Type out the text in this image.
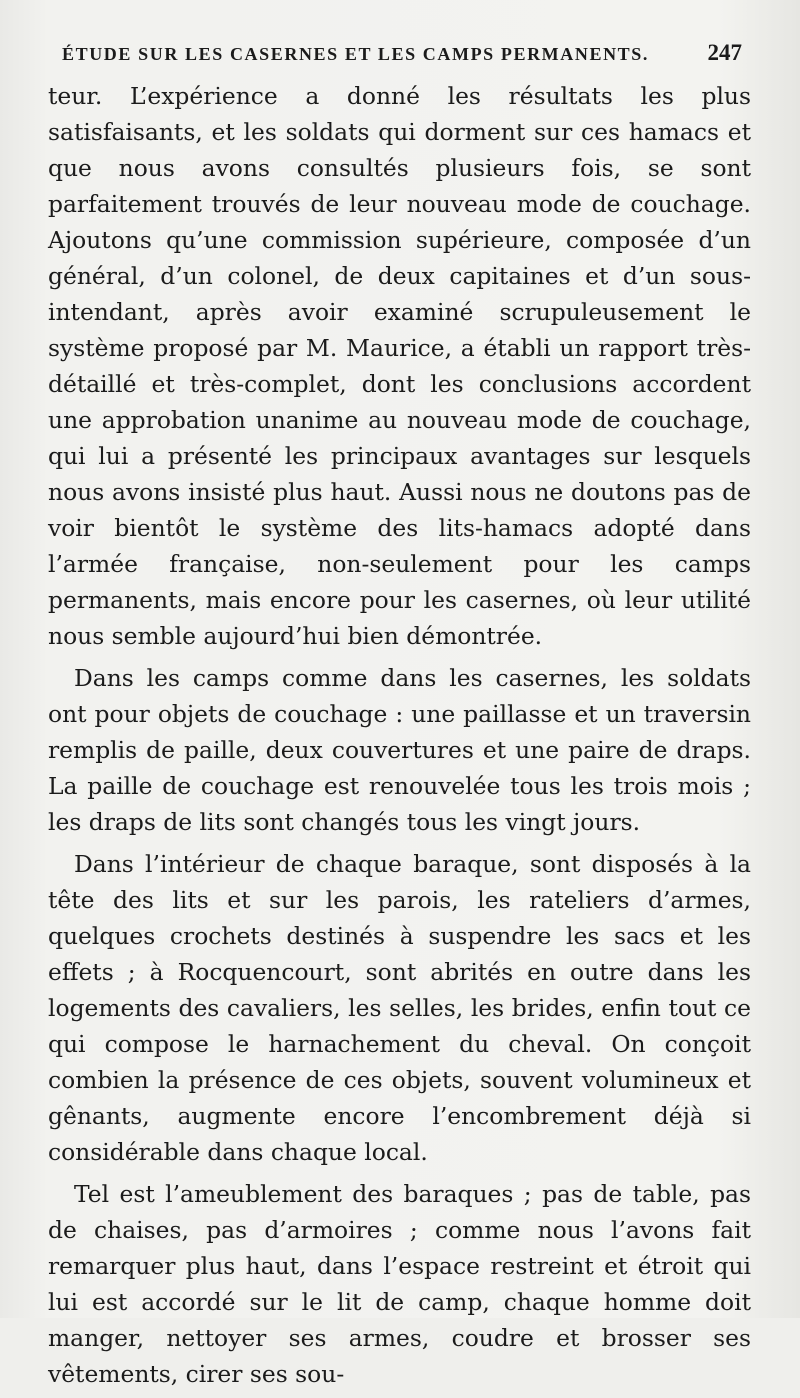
ÉTUDE SUR LES CASERNES ET LES CAMPS PERMANENTS.	247

teur. L’expérience a donné les résultats les plus satisfaisants, et les soldats qui dorment sur ces hamacs et que nous avons consultés plusieurs fois, se sont parfaitement trouvés de leur nouveau mode de couchage. Ajoutons qu’une commission supérieure, composée d’un général, d’un colonel, de deux capitaines et d’un sous-intendant, après avoir examiné scrupuleusement le système proposé par M. Maurice, a établi un rapport très-détaillé et très-complet, dont les conclusions accordent une approbation unanime au nouveau mode de couchage, qui lui a présenté les principaux avantages sur lesquels nous avons insisté plus haut. Aussi nous ne doutons pas de voir bientôt le système des lits-hamacs adopté dans l’armée française, non-seulement pour les camps permanents, mais encore pour les casernes, où leur utilité nous semble aujourd’hui bien démontrée.

Dans les camps comme dans les casernes, les soldats ont pour objets de couchage : une paillasse et un traversin remplis de paille, deux couvertures et une paire de draps. La paille de couchage est renouvelée tous les trois mois ; les draps de lits sont changés tous les vingt jours.

Dans l’intérieur de chaque baraque, sont disposés à la tête des lits et sur les parois, les rateliers d’armes, quelques crochets destinés à suspendre les sacs et les effets ; à Rocquencourt, sont abrités en outre dans les logements des cavaliers, les selles, les brides, enfin tout ce qui compose le harnachement du cheval. On conçoit combien la présence de ces objets, souvent volumineux et gênants, augmente encore l’encombrement déjà si considérable dans chaque local.

Tel est l’ameublement des baraques ; pas de table, pas de chaises, pas d’armoires ; comme nous l’avons fait remarquer plus haut, dans l’espace restreint et étroit qui lui est accordé sur le lit de camp, chaque homme doit manger, nettoyer ses armes, coudre et brosser ses vêtements, cirer ses sou-
